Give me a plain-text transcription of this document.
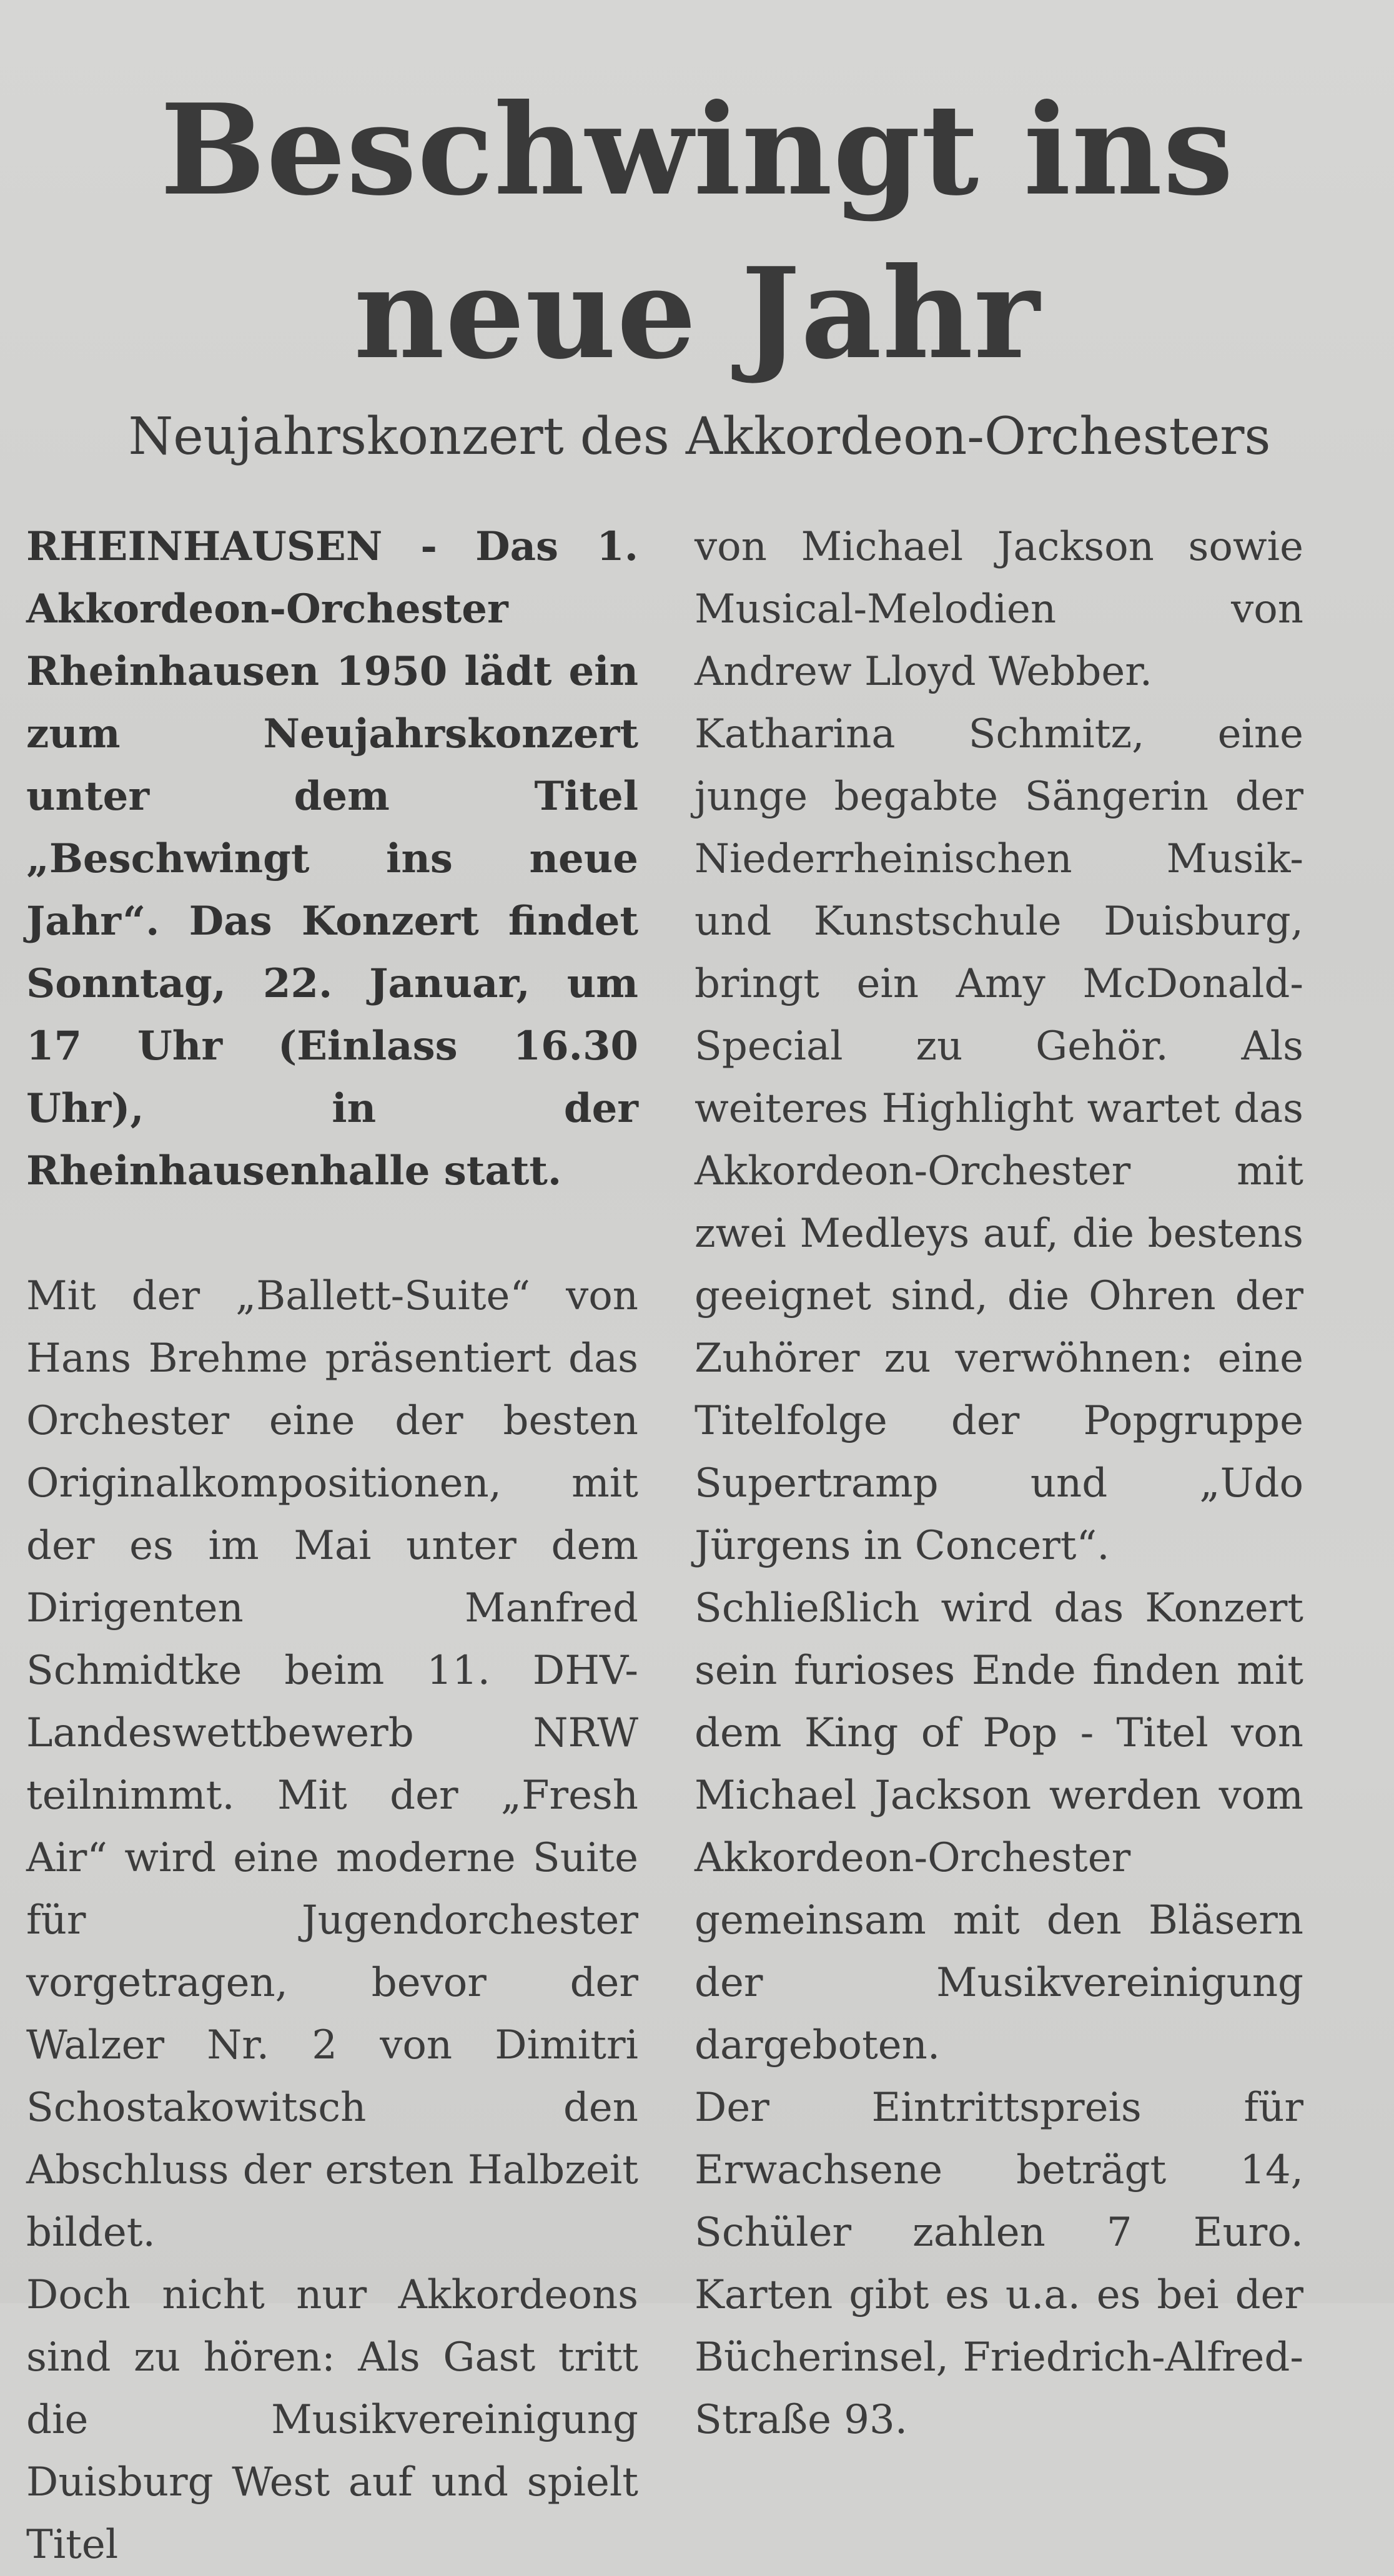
Beschwingt ins
neue Jahr
Neujahrskonzert des Akkordeon-Orchesters

RHEINHAUSEN - Das 1. Akkordeon-Orchester Rheinhausen 1950 lädt ein zum Neujahrskonzert unter dem Titel „Beschwingt ins neue Jahr“. Das Konzert findet Sonntag, 22. Januar, um 17 Uhr (Einlass 16.30 Uhr), in der Rheinhausenhalle statt.

Mit der „Ballett-Suite“ von Hans Brehme präsentiert das Orchester eine der besten Originalkompositionen, mit der es im Mai unter dem Dirigenten Manfred Schmidtke beim 11. DHV-Landeswettbewerb NRW teilnimmt. Mit der „Fresh Air“ wird eine moderne Suite für Jugendorchester vorgetragen, bevor der Walzer Nr. 2 von Dimitri Schostakowitsch den Abschluss der ersten Halbzeit bildet.

Doch nicht nur Akkordeons sind zu hören: Als Gast tritt die Musikvereinigung Duisburg West auf und spielt Titel

von Michael Jackson sowie Musical-Melodien von Andrew Lloyd Webber.

Katharina Schmitz, eine junge begabte Sängerin der Niederrheinischen Musik- und Kunstschule Duisburg, bringt ein Amy McDonald-Special zu Gehör. Als weiteres Highlight wartet das Akkordeon-Orchester mit zwei Medleys auf, die bestens geeignet sind, die Ohren der Zuhörer zu verwöhnen: eine Titelfolge der Popgruppe Supertramp und „Udo Jürgens in Concert“.

Schließlich wird das Konzert sein furioses Ende finden mit dem King of Pop - Titel von Michael Jackson werden vom Akkordeon-Orchester gemeinsam mit den Bläsern der Musikvereinigung dargeboten.

Der Eintrittspreis für Erwachsene beträgt 14, Schüler zahlen 7 Euro. Karten gibt es u.a. es bei der Bücherinsel, Friedrich-Alfred-Straße 93.
